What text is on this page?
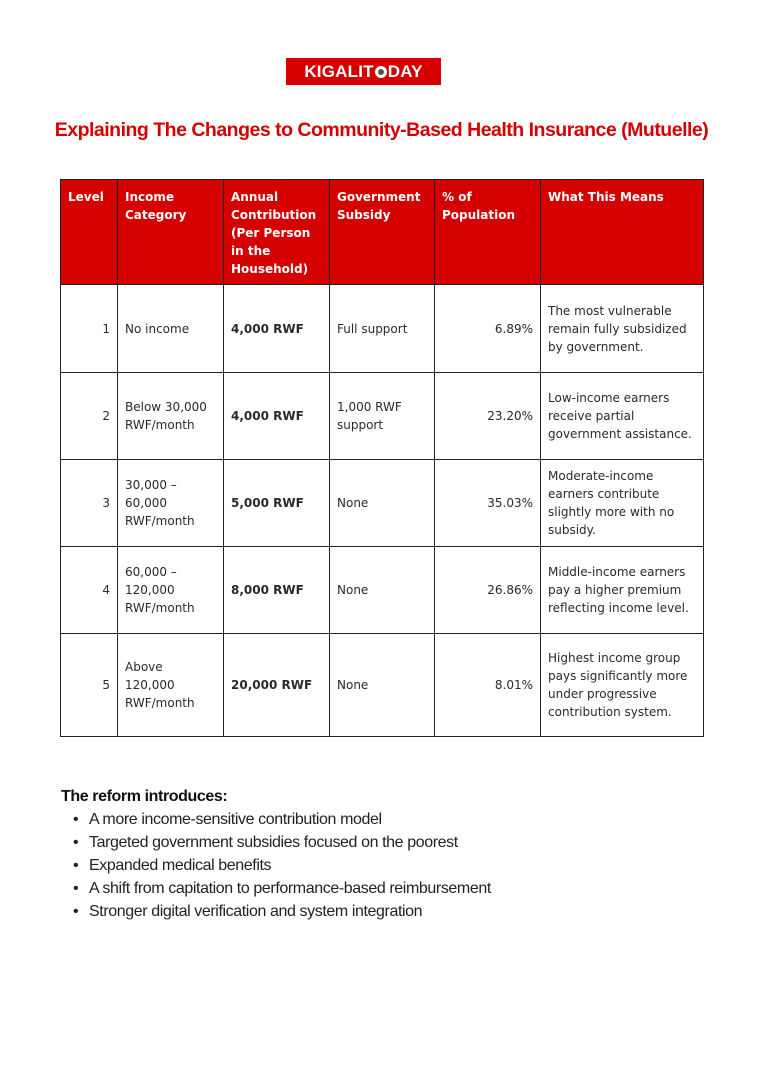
KIGALIT DAY
Explaining The Changes to Community-Based Health Insurance (Mutuelle)
Level	Income Category	Annual Contribution (Per Person in the Household)	Government Subsidy	% of Population	What This Means
1	No income	4,000 RWF	Full support	6.89%	The most vulnerable remain fully subsidized by government.
2	Below 30,000 RWF/month	4,000 RWF	1,000 RWF support	23.20%	Low-income earners receive partial government assistance.
3	30,000 – 60,000 RWF/month	5,000 RWF	None	35.03%	Moderate-income earners contribute slightly more with no subsidy.
4	60,000 – 120,000 RWF/month	8,000 RWF	None	26.86%	Middle-income earners pay a higher premium reflecting income level.
5	Above 120,000 RWF/month	20,000 RWF	None	8.01%	Highest income group pays significantly more under progressive contribution system.
The reform introduces:
• A more income-sensitive contribution model
• Targeted government subsidies focused on the poorest
• Expanded medical benefits
• A shift from capitation to performance-based reimbursement
• Stronger digital verification and system integration
